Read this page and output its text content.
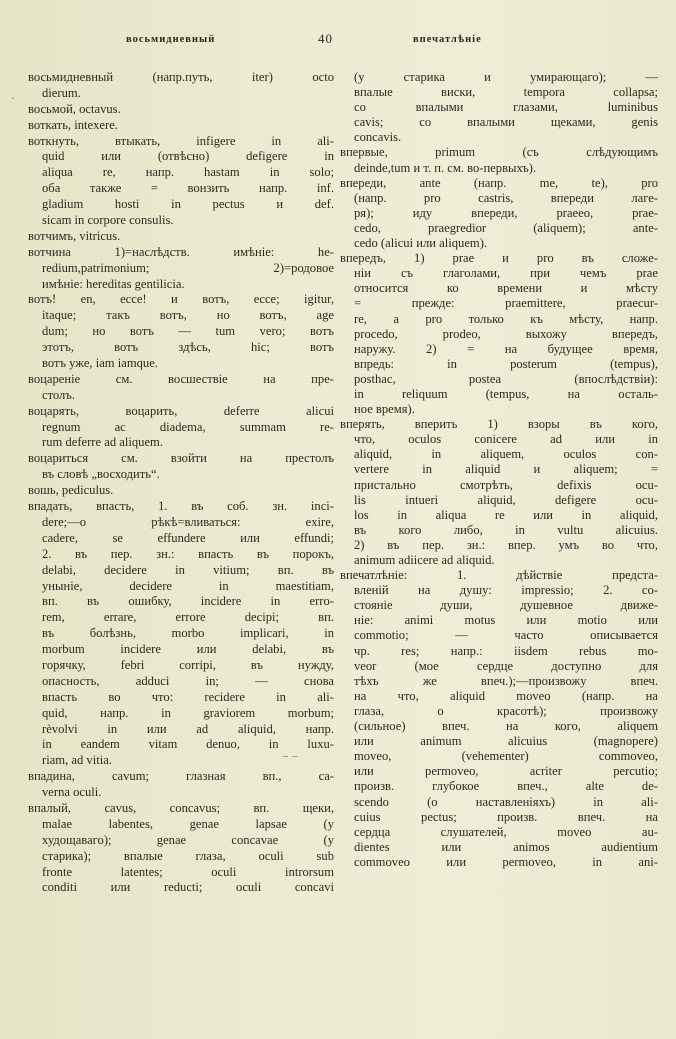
восьмидневный	40	впечатлѣніе
ˋ
‒ ‒
восьмидневный (напр.путь, iter) octo
dierum.
восьмой, octavus.
воткать, intexere.
воткнуть, втыкать, infigere in ali-
quid или (отвѣсно) defigere in
aliqua re, напр. hastam in solo;
оба также = вонзить напр. inf.
gladium hosti in pectus и def.
sicam in corpore consulis.
вотчимъ, vitricus.
вотчина 1)=наслѣдств. имѣніе: he-
redium,patrimonium; 2)=родовое
имѣніе: hereditas gentilicia.
вотъ! en, ecce! и вотъ, ecce; igitur,
itaque; такъ вотъ, но вотъ, age
dum; но вотъ — tum vero; вотъ
этотъ, вотъ здѣсь, hic; вотъ
вотъ уже, iam iamque.
воцареніе см. восшествіе на пре-
столъ.
воцарять, воцарить, deferre alicui
regnum ac diadema, summam re-
rum deferre ad aliquem.
воцариться см. взойти на престолъ
въ словѣ „восходить“.
вошь, pediculus.
впадать, впасть, 1. въ соб. зн. inci-
dere;—о рѣкѣ=вливаться: exire,
cadere, se effundere или effundi;
2. въ пер. зн.: впасть въ порокъ,
delabi, decidere in vitium; вп. въ
уныніе, decidere in maestitiam,
вп. въ ошибку, incidere in erro-
rem, errare, errore decipi; вп.
въ болѣзнь, morbo implicari, in
morbum incidere или delabi, въ
горячку, febri corripi, въ нужду,
опасность, adduci in; — снова
впасть во что: recidere in ali-
quid, напр. in graviorem morbum;
rèvolvi in или ad aliquid, напр.
in eandem vitam denuo, in luxu-
riam, ad vitia.
впадина, cavum; глазная вп., ca-
verna oculi.
впалый, cavus, concavus; вп. щеки,
malae labentes, genae lapsae (у
худощаваго); genae concavae (у
старика); впалые глаза, oculi sub
fronte latentes; oculi introrsum
conditi или reducti; oculi concavi
(у старика и умирающаго); —
впалые виски, tempora collapsa;
со впалыми глазами, luminibus
cavis; со впалыми щеками, genis
concavis.
впервые, primum (съ слѣдующимъ
deinde,tum и т. п. см. во-первыхъ).
впереди, ante (напр. me, te), pro
(напр. pro castris, впереди лаге-
ря); иду впереди, praeeo, prae-
cedo, praegredior (aliquem); ante-
cedo (alicui или aliquem).
впередъ, 1) prae и pro въ сложе-
ніи съ глаголами, при чемъ prae
относится ко времени и мѣсту
= прежде: praemittere, praecur-
re, а pro только къ мѣсту, напр.
procedo, prodeo, выхожу впередъ,
наружу. 2) = на будущее время,
впредь: in posterum (tempus),
posthac, postea (впослѣдствіи):
in reliquum (tempus, на осталь-
ное время).
вперять, вперить 1) взоры въ кого,
что, oculos conicere ad или in
aliquid, in aliquem, oculos con-
vertere in aliquid и aliquem; =
пристально смотрѣть, defixis ocu-
lis intueri aliquid, defigere ocu-
los in aliqua re или in aliquid,
въ кого либо, in vultu alicuius.
2) въ пер. зн.: впер. умъ во что,
animum adiicere ad aliquid.
впечатлѣніе: 1. дѣйствіе предста-
вленій на душу: impressio; 2. со-
стояніе души, душевное движе-
ніе: animi motus или motio или
commotio; — часто описывается
чр. res; напр.: iisdem rebus mo-
veor (мое сердце доступно для
тѣхъ же впеч.);—произвожу впеч.
на что, aliquid moveo (напр. на
глаза, о красотѣ); произвожу
(сильное) впеч. на кого, aliquem
или animum alicuius (magnopere)
moveo, (vehementer) commoveo,
или permoveo, acriter percutio;
произв. глубокое впеч., alte de-
scendo (о наставленіяхъ) in ali-
cuius pectus; произв. впеч. на
сердца слушателей, moveo au-
dientes или animos audientium
commoveo или permoveo, in ani-
